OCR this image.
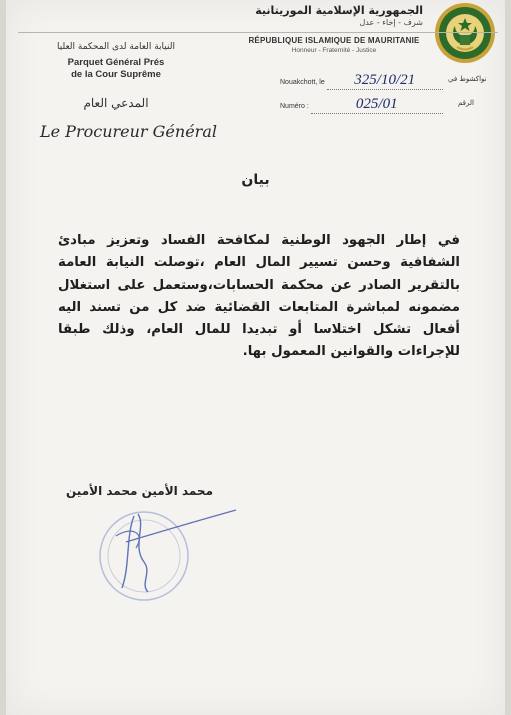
الجمهورية الإسلامية الموريتانية
شرف - إخاء - عدل
RÉPUBLIQUE ISLAMIQUE DE MAURITANIE
Honneur - Fraternité - Justice
النيابة العامة لدى المحكمة العليا
Parquet Général Prés
de la Cour Suprême
المدعي العام
Le Procureur Général
Nouakchott, le 325/10/21	نواكشوط في
Numéro :	025/01	الرقم
بيان
في إطار الجهود الوطنية لمكافحة الفساد وتعزيز مبادئ الشفافية وحسن تسيير المال العام ،توصلت النيابة العامة بالتقرير الصادر عن محكمة الحسابات،وستعمل على استغلال مضمونه لمباشرة المتابعات القضائية ضد كل من تسند اليه أفعال تشكل اختلاسا أو تبديدا للمال العام، وذلك طبقا للإجراءات والقوانين المعمول بها.
محمد الأمين محمد الأمين
